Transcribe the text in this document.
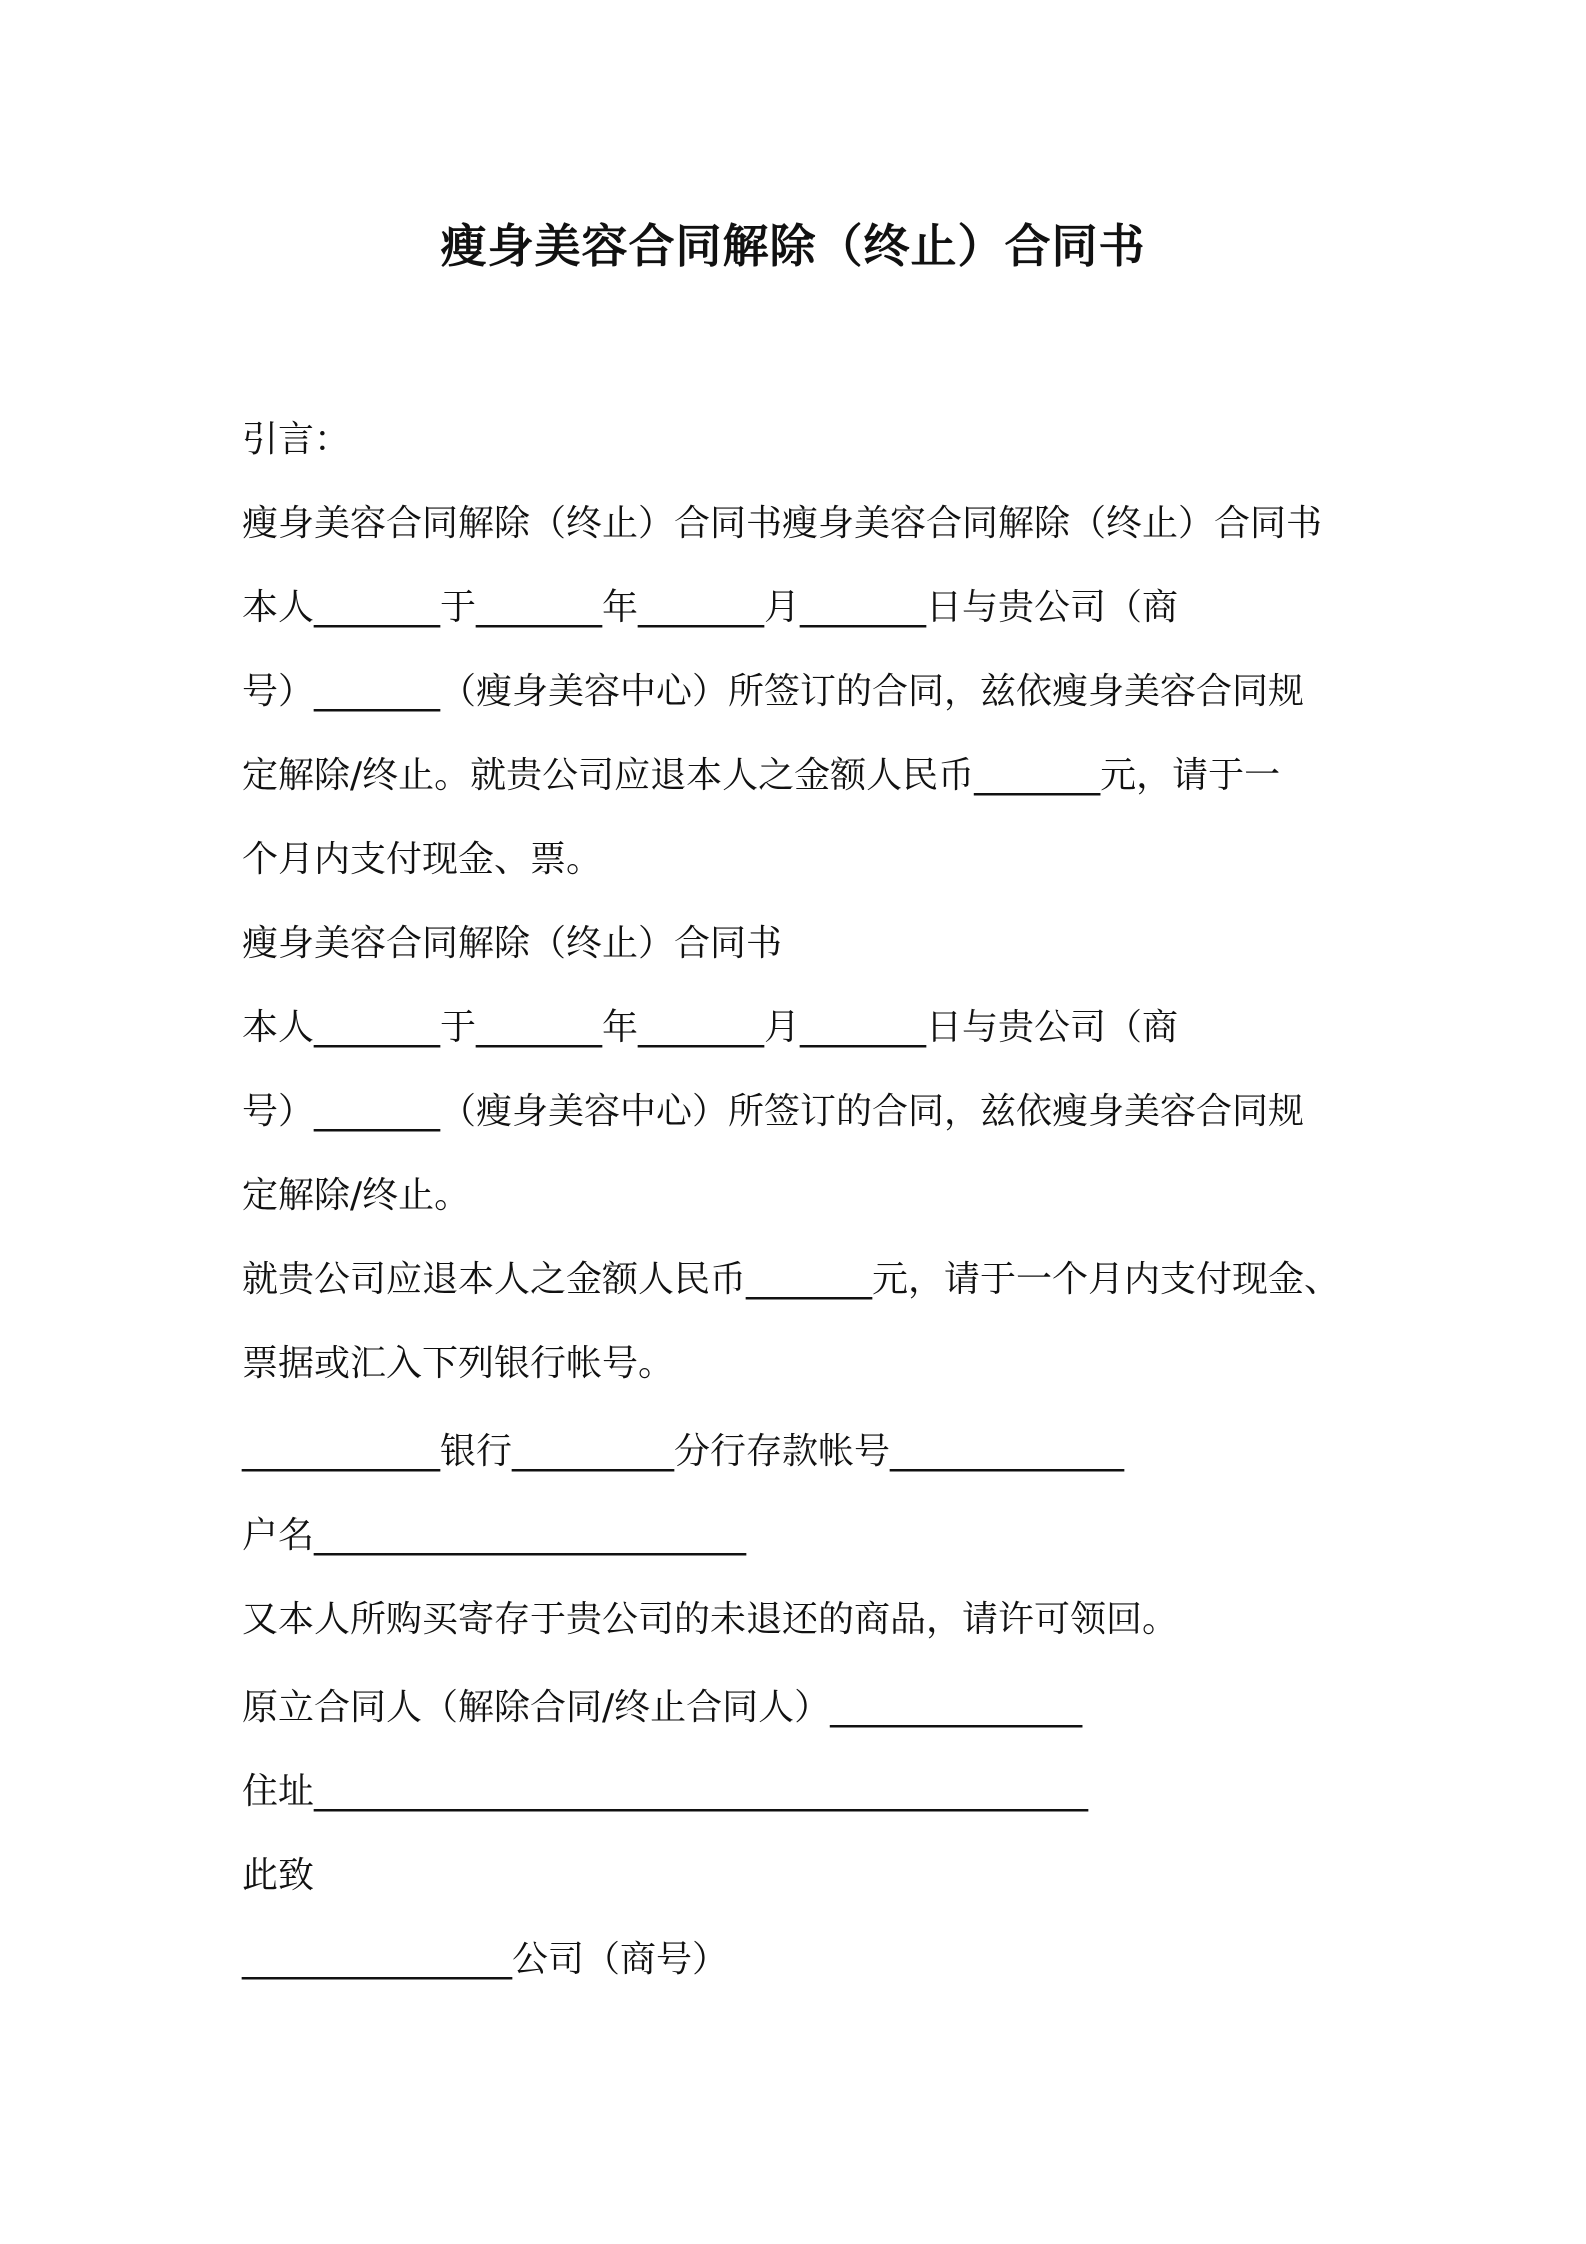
瘦身美容合同解除（终止）合同书

引言：

瘦身美容合同解除（终止）合同书瘦身美容合同解除（终止）合同书

本人_______于_______年_______月_______日与贵公司（商

号）_______（瘦身美容中心）所签订的合同，兹依瘦身美容合同规

定解除/终止。就贵公司应退本人之金额人民币_______元，请于一

个月内支付现金、票。

瘦身美容合同解除（终止）合同书

本人_______于_______年_______月_______日与贵公司（商

号）_______（瘦身美容中心）所签订的合同，兹依瘦身美容合同规

定解除/终止。

就贵公司应退本人之金额人民币_______元，请于一个月内支付现金、

票据或汇入下列银行帐号。

___________银行_________分行存款帐号_____________

户名________________________

又本人所购买寄存于贵公司的未退还的商品，请许可领回。

原立合同人（解除合同/终止合同人）______________

住址___________________________________________

此致

_______________公司（商号）
